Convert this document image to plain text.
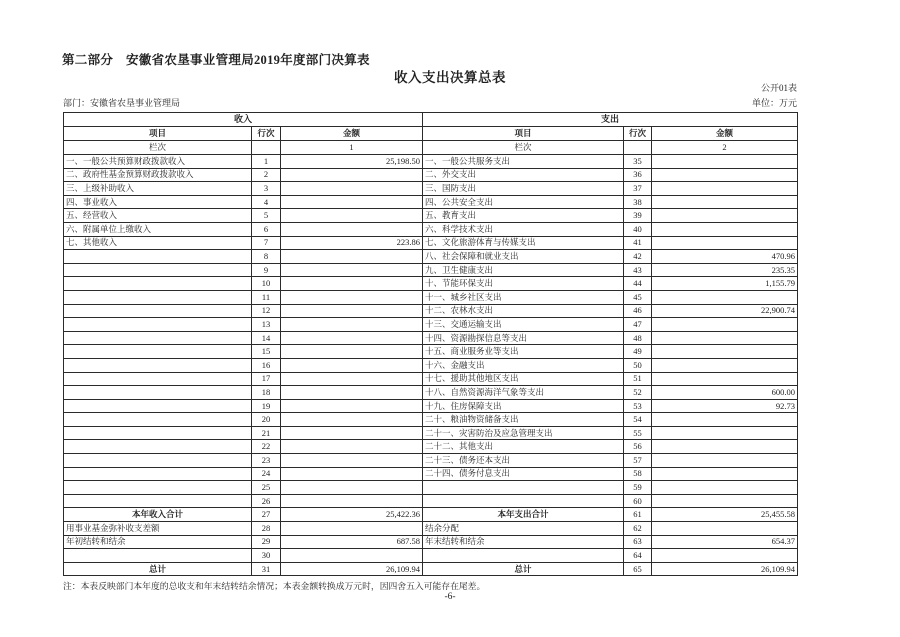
第二部分　安徽省农垦事业管理局2019年度部门决算表
收入支出决算总表
公开01表
部门：安徽省农垦事业管理局	单位：万元
收入			支出		
项目	行次	金额	项目	行次	金额
栏次		1	栏次		2
一、一般公共预算财政拨款收入	1	25,198.50	一、一般公共服务支出	35	
二、政府性基金预算财政拨款收入	2		二、外交支出	36	
三、上级补助收入	3		三、国防支出	37	
四、事业收入	4		四、公共安全支出	38	
五、经营收入	5		五、教育支出	39	
六、附属单位上缴收入	6		六、科学技术支出	40	
七、其他收入	7	223.86	七、文化旅游体育与传媒支出	41	
	8		八、社会保障和就业支出	42	470.96
	9		九、卫生健康支出	43	235.35
	10		十、节能环保支出	44	1,155.79
	11		十一、城乡社区支出	45	
	12		十二、农林水支出	46	22,900.74
	13		十三、交通运输支出	47	
	14		十四、资源勘探信息等支出	48	
	15		十五、商业服务业等支出	49	
	16		十六、金融支出	50	
	17		十七、援助其他地区支出	51	
	18		十八、自然资源海洋气象等支出	52	600.00
	19		十九、住房保障支出	53	92.73
	20		二十、粮油物资储备支出	54	
	21		二十一、灾害防治及应急管理支出	55	
	22		二十二、其他支出	56	
	23		二十三、债务还本支出	57	
	24		二十四、债务付息支出	58	
	25			59	
	26			60	
本年收入合计	27	25,422.36	本年支出合计	61	25,455.58
用事业基金弥补收支差额	28		结余分配	62	
年初结转和结余	29	687.58	年末结转和结余	63	654.37
	30			64	
总计	31	26,109.94	总计	65	26,109.94
注：本表反映部门本年度的总收支和年末结转结余情况；本表金额转换成万元时，因四舍五入可能存在尾差。
-6-
